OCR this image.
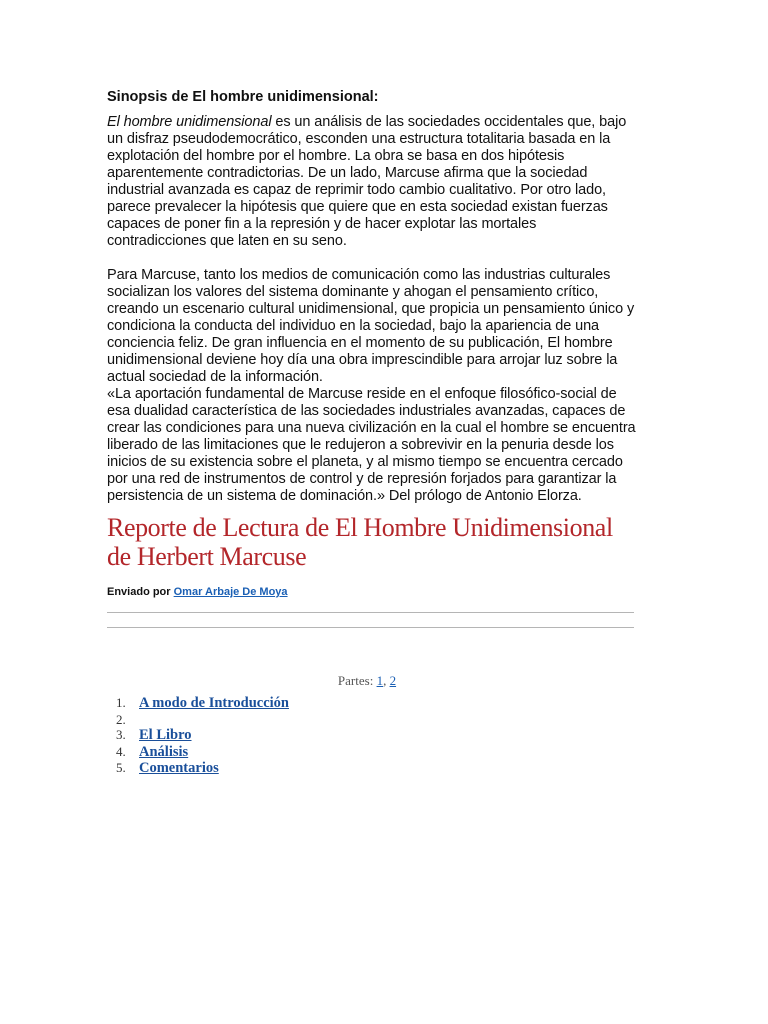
Sinopsis de El hombre unidimensional:

El hombre unidimensional es un análisis de las sociedades occidentales que, bajo un disfraz pseudodemocrático, esconden una estructura totalitaria basada en la explotación del hombre por el hombre. La obra se basa en dos hipótesis aparentemente contradictorias. De un lado, Marcuse afirma que la sociedad industrial avanzada es capaz de reprimir todo cambio cualitativo. Por otro lado, parece prevalecer la hipótesis que quiere que en esta sociedad existan fuerzas capaces de poner fin a la represión y de hacer explotar las mortales contradicciones que laten en su seno.

Para Marcuse, tanto los medios de comunicación como las industrias culturales socializan los valores del sistema dominante y ahogan el pensamiento crítico, creando un escenario cultural unidimensional, que propicia un pensamiento único y condiciona la conducta del individuo en la sociedad, bajo la apariencia de una conciencia feliz. De gran influencia en el momento de su publicación, El hombre unidimensional deviene hoy día una obra imprescindible para arrojar luz sobre la actual sociedad de la información.

«La aportación fundamental de Marcuse reside en el enfoque filosófico-social de esa dualidad característica de las sociedades industriales avanzadas, capaces de crear las condiciones para una nueva civilización en la cual el hombre se encuentra liberado de las limitaciones que le redujeron a sobrevivir en la penuria desde los inicios de su existencia sobre el planeta, y al mismo tiempo se encuentra cercado por una red de instrumentos de control y de represión forjados para garantizar la persistencia de un sistema de dominación.» Del prólogo de Antonio Elorza.

Reporte de Lectura de El Hombre Unidimensional de Herbert Marcuse
Enviado por Omar Arbaje De Moya
Partes: 1, 2
1. A modo de Introducción
2.
3. El Libro
4. Análisis
5. Comentarios
